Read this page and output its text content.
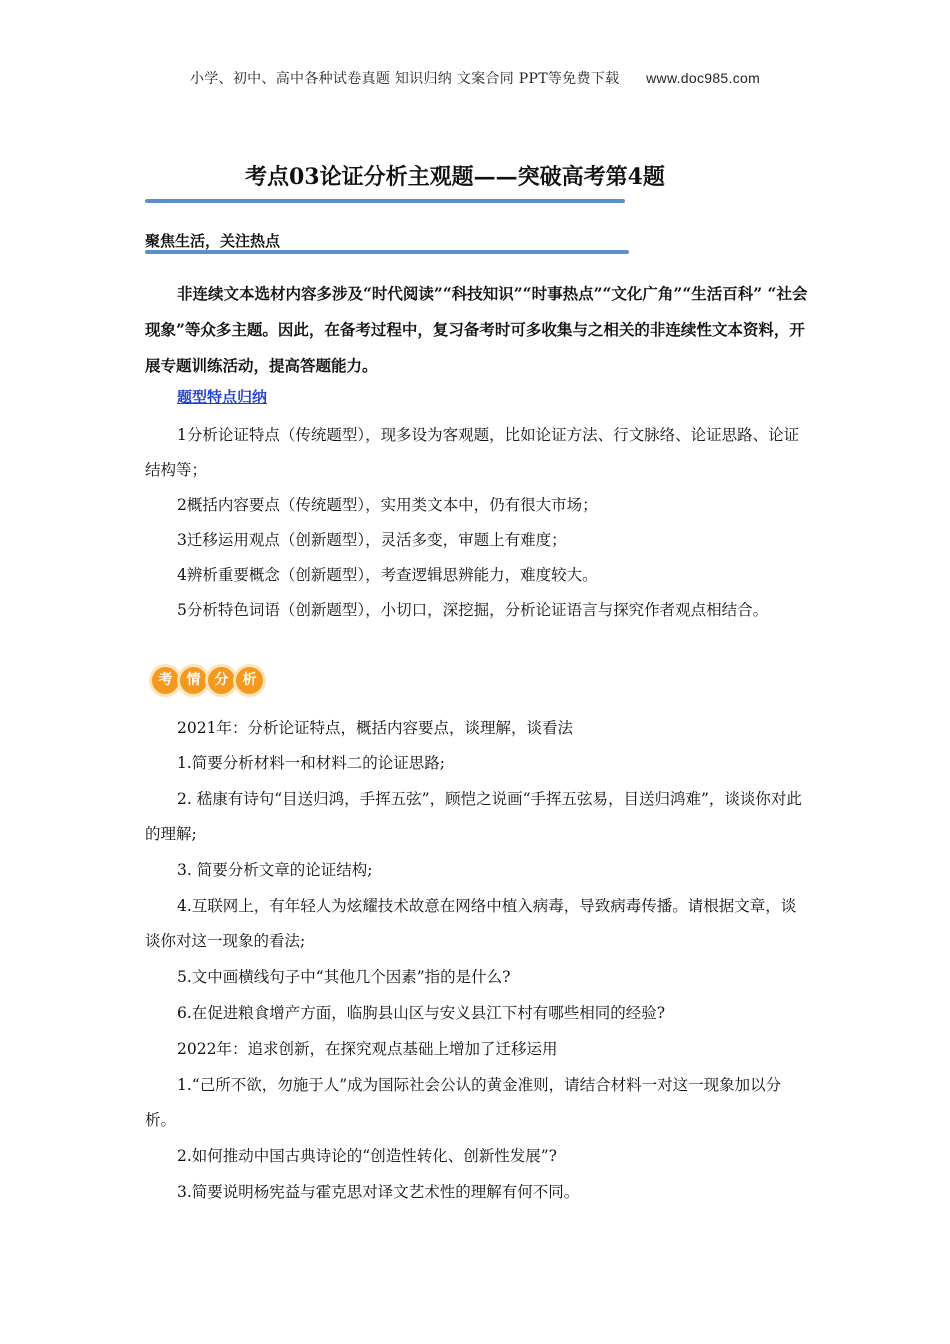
小学、初中、高中各种试卷真题 知识归纳 文案合同 PPT等免费下载 www.doc985.com
考点03论证分析主观题——突破高考第4题
聚焦生活，关注热点
非连续文本选材内容多涉及“时代阅读”“科技知识”“时事热点”“文化广角”“生活百科” “社会现象”等众多主题。因此，在备考过程中，复习备考时可多收集与之相关的非连续性文本资料，开展专题训练活动，提高答题能力。
题型特点归纳

1分析论证特点（传统题型），现多设为客观题，比如论证方法、行文脉络、论证思路、论证结构等；

2概括内容要点（传统题型），实用类文本中，仍有很大市场；

3迁移运用观点（创新题型），灵活多变，审题上有难度；

4辨析重要概念（创新题型），考查逻辑思辨能力，难度较大。

5分析特色词语（创新题型），小切口，深挖掘，分析论证语言与探究作者观点相结合。

考	情	分	析

2021年：分析论证特点，概括内容要点，谈理解，谈看法

1.简要分析材料一和材料二的论证思路;

2. 嵇康有诗句“目送归鸿，手挥五弦”，顾恺之说画“手挥五弦易，目送归鸿难”，谈谈你对此的理解;

3. 简要分析文章的论证结构;

4.互联网上，有年轻人为炫耀技术故意在网络中植入病毒，导致病毒传播。请根据文章，谈谈你对这一现象的看法;

5.文中画横线句子中“其他几个因素”指的是什么?

6.在促进粮食增产方面，临朐县山区与安义县江下村有哪些相同的经验?

2022年：追求创新，在探究观点基础上增加了迁移运用

1.“己所不欲，勿施于人”成为国际社会公认的黄金准则，请结合材料一对这一现象加以分析。

2.如何推动中国古典诗论的“创造性转化、创新性发展”?

3.简要说明杨宪益与霍克思对译文艺术性的理解有何不同。
